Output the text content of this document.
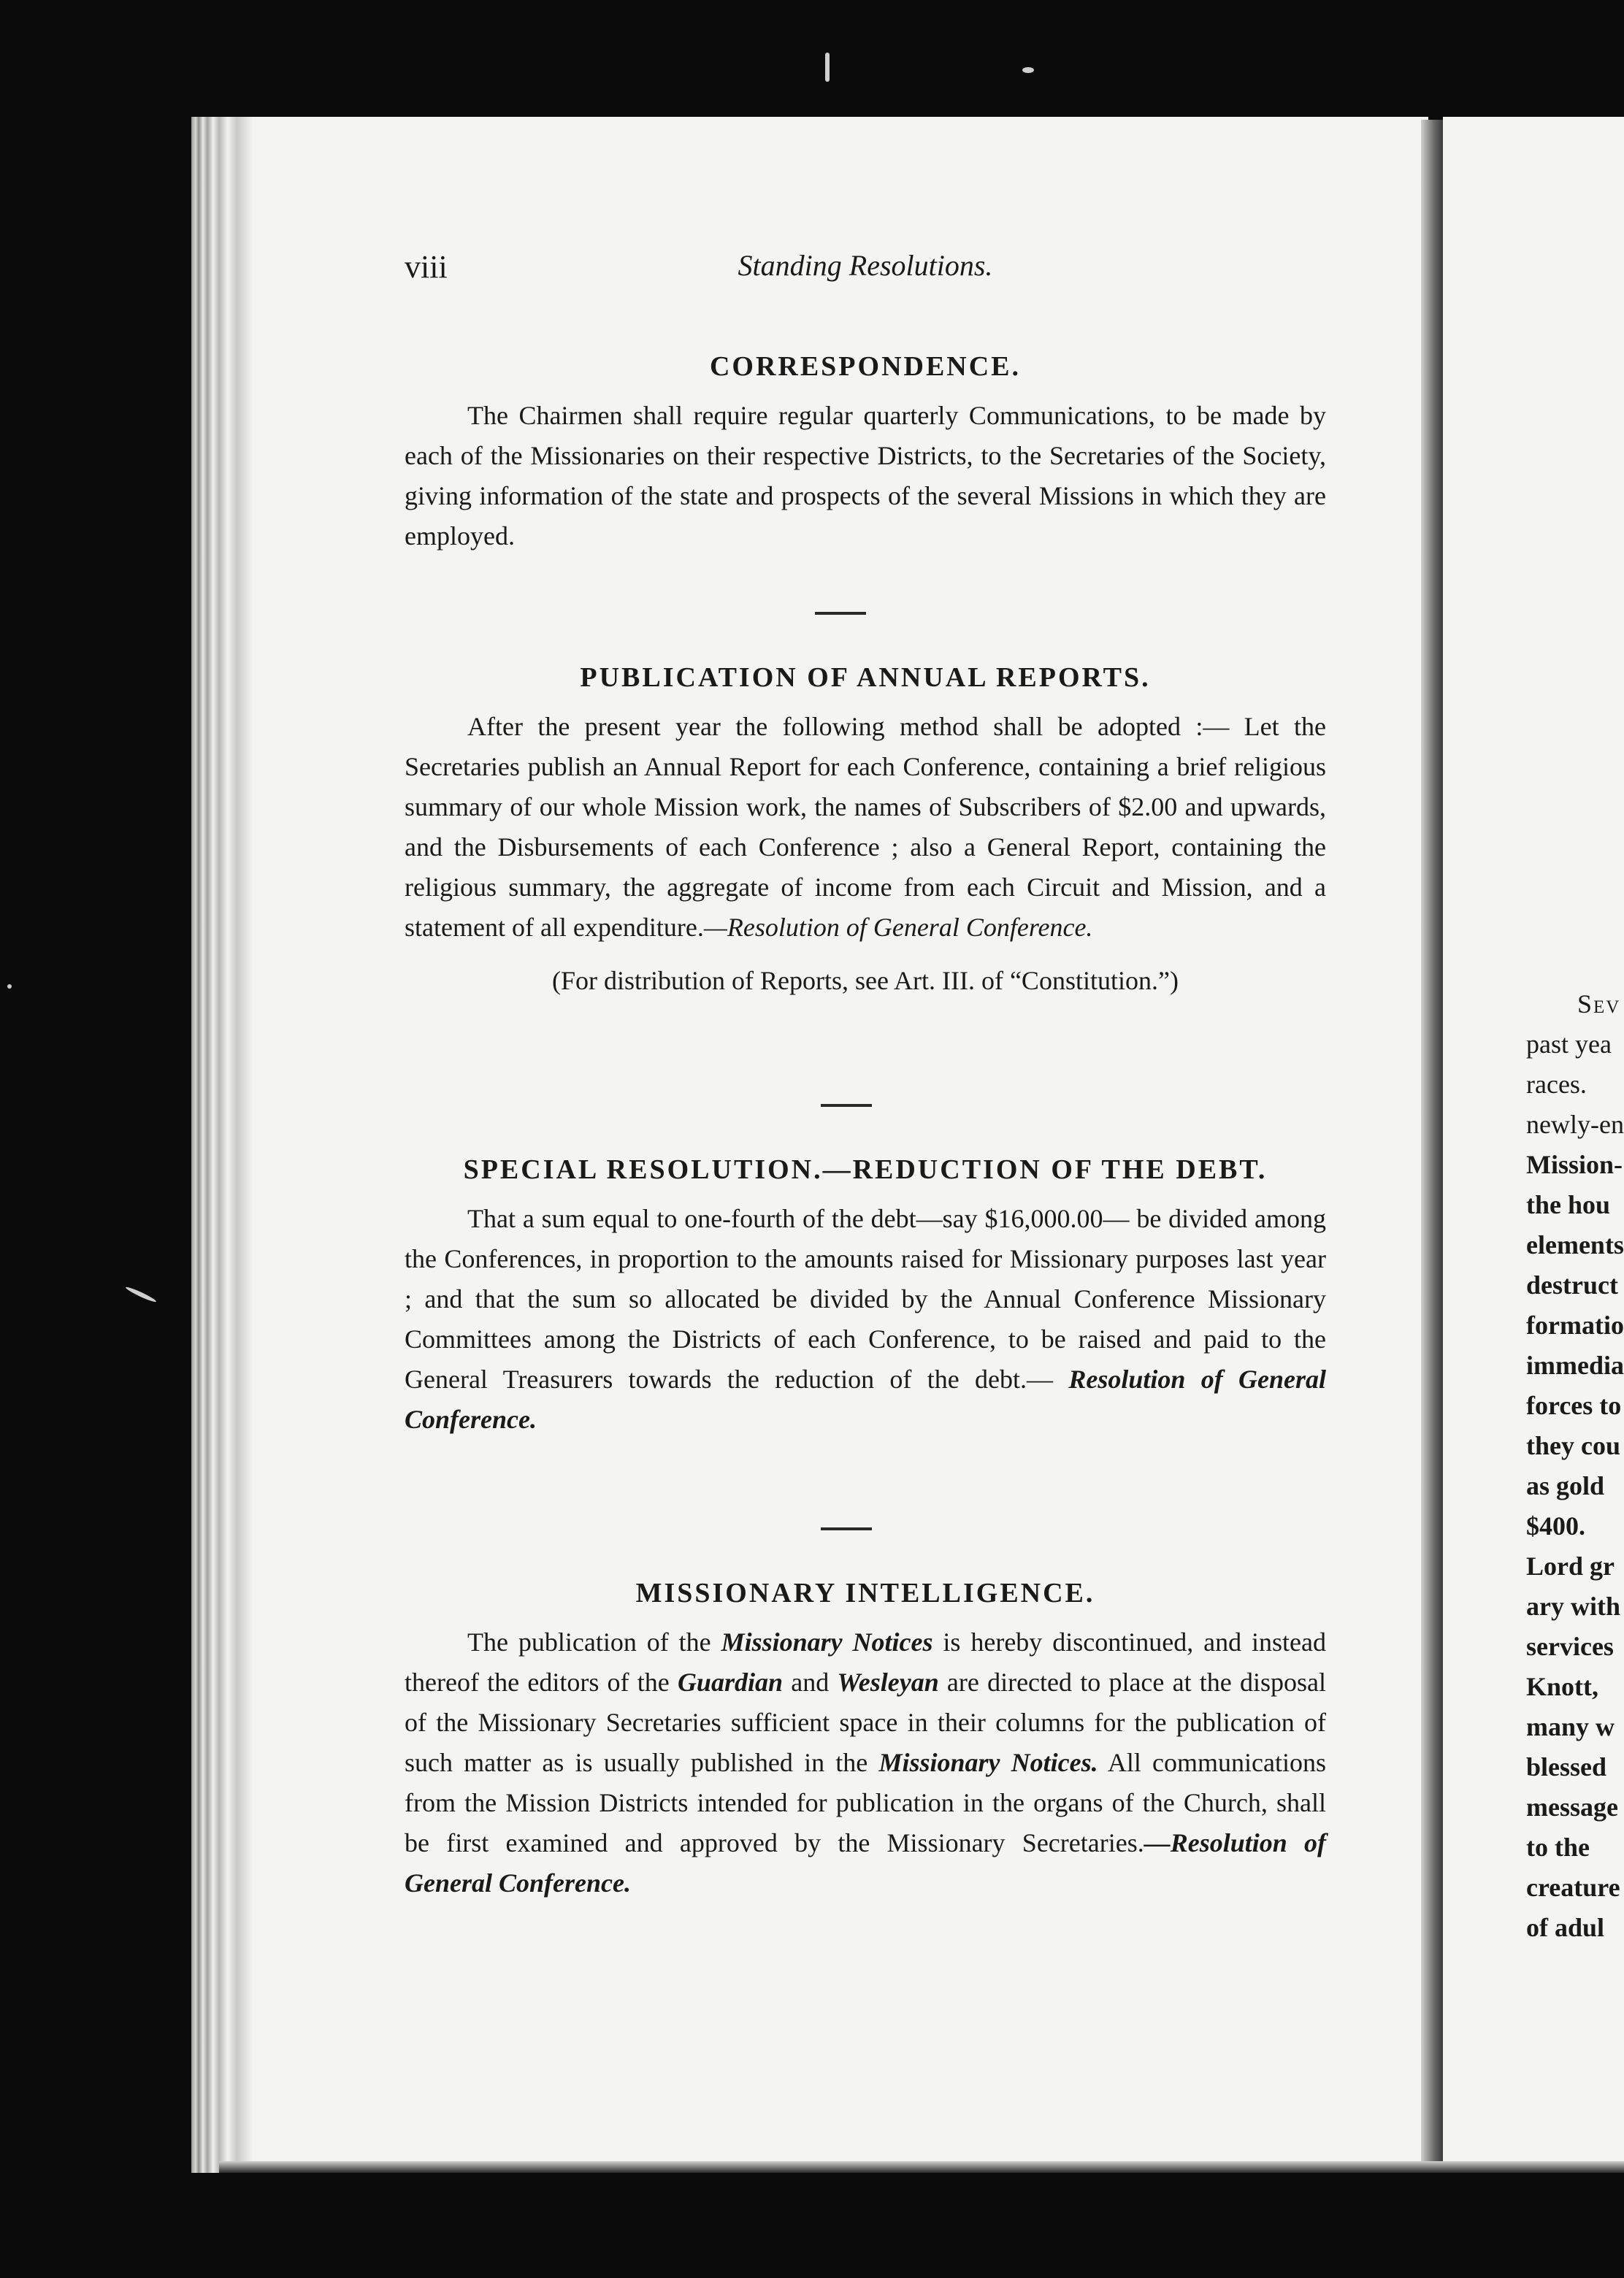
viii	Standing Resolutions.
CORRESPONDENCE.

The Chairmen shall require regular quarterly Communications, to be made by each of the Missionaries on their respective Districts, to the Secretaries of the Society, giving information of the state and prospects of the several Missions in which they are employed.

PUBLICATION OF ANNUAL REPORTS.

After the present year the following method shall be adopted :— Let the Secretaries publish an Annual Report for each Conference, containing a brief religious summary of our whole Mission work, the names of Subscribers of $2.00 and upwards, and the Disbursements of each Conference ; also a General Report, containing the religious summary, the aggregate of income from each Circuit and Mission, and a statement of all expenditure.—Resolution of General Conference.

(For distribution of Reports, see Art. III. of “Constitution.”)

SPECIAL RESOLUTION.—REDUCTION OF THE DEBT.

That a sum equal to one-fourth of the debt—say $16,000.00— be divided among the Conferences, in proportion to the amounts raised for Missionary purposes last year ; and that the sum so allocated be divided by the Annual Conference Missionary Committees among the Districts of each Conference, to be raised and paid to the General Treasurers towards the reduction of the debt.— Resolution of General Conference.

MISSIONARY INTELLIGENCE.

The publication of the Missionary Notices is hereby discontinued, and instead thereof the editors of the Guardian and Wesleyan are directed to place at the disposal of the Missionary Secretaries sufficient space in their columns for the publication of such matter as is usually published in the Missionary Notices. All communications from the Mission Districts intended for publication in the organs of the Church, shall be first examined and approved by the Missionary Secretaries.—Resolution of General Conference.

Sev
past yea
races.
newly-en
Mission-
the hou
elements
destruct
formatio
immedia
forces to
they cou
as gold
$400.
Lord gr
ary with
services
Knott,
many w
blessed
message
to the
creature
of adul
